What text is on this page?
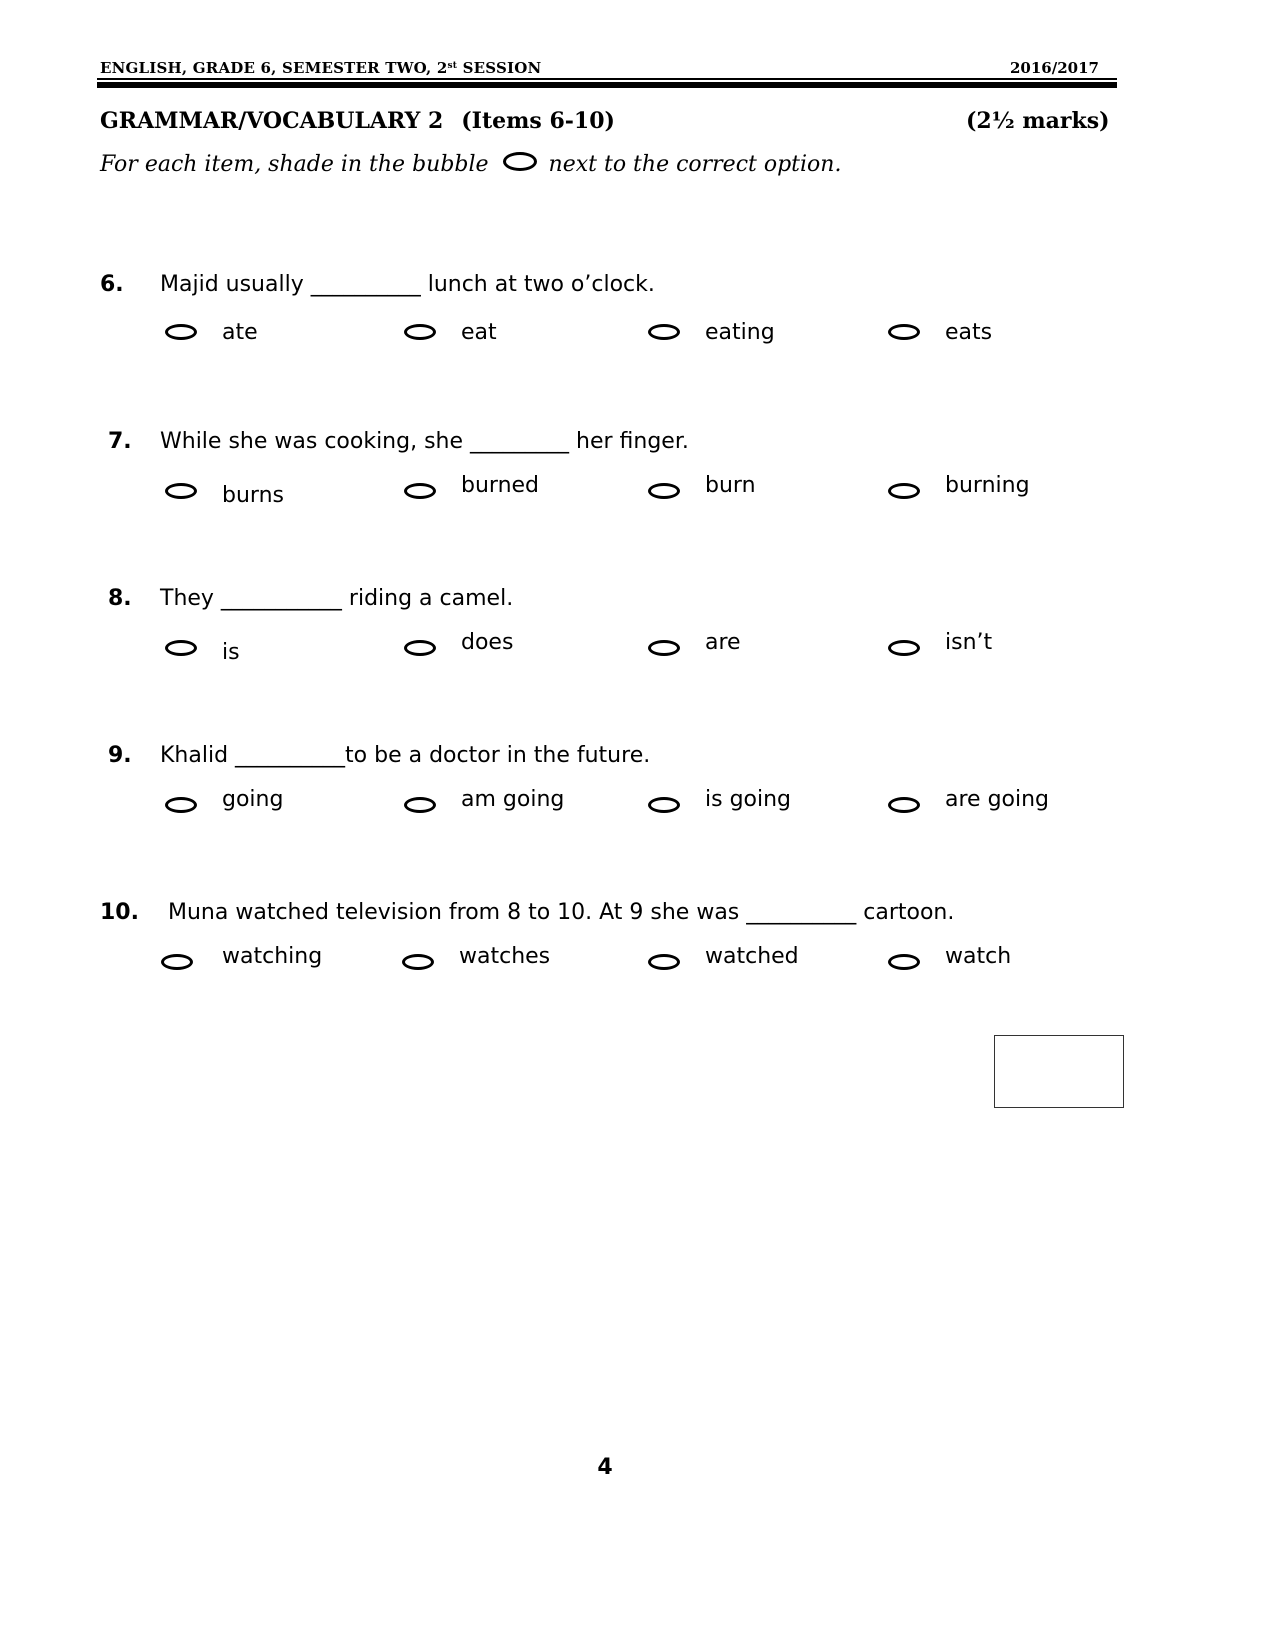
ENGLISH, GRADE 6, SEMESTER TWO, 2st SESSION	2016/2017
GRAMMAR/VOCABULARY 2 (Items 6-10)	(2½ marks)
For each item, shade in the bubble	next to the correct option.
6. Majid usually __________ lunch at two o’clock.
ate	eat	eating	eats
7. While she was cooking, she _________ her finger.
burns	burned	burn	burning
8. They ___________ riding a camel.
is	does	are	isn’t
9. Khalid __________to be a doctor in the future.
going	am going	is going	are going
10. Muna watched television from 8 to 10. At 9 she was __________ cartoon.
watching	watches	watched	watch
4
